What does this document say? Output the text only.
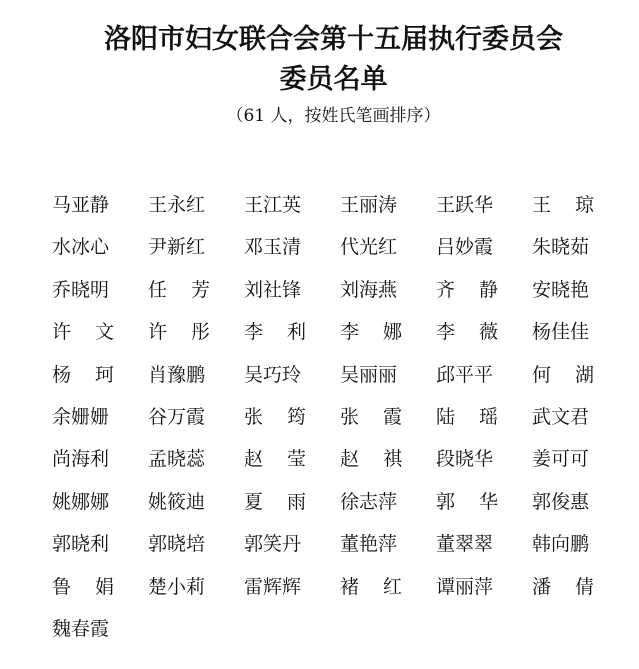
洛阳市妇女联合会第十五届执行委员会
委员名单
（61 人，按姓氏笔画排序）
马亚静 王永红 王江英 王丽涛 王跃华 王 琼
水冰心 尹新红 邓玉清 代光红 吕妙霞 朱晓茹
乔晓明 任 芳 刘社锋 刘海燕 齐 静 安晓艳
许 文 许 彤 李 利 李 娜 李 薇 杨佳佳
杨 珂 肖豫鹏 吴巧玲 吴丽丽 邱平平 何 湖
余姗姗 谷万霞 张 筠 张 霞 陆 瑶 武文君
尚海利 孟晓蕊 赵 莹 赵 祺 段晓华 姜可可
姚娜娜 姚筱迪 夏 雨 徐志萍 郭 华 郭俊惠
郭晓利 郭晓培 郭笑丹 董艳萍 董翠翠 韩向鹏
鲁 娟 楚小莉 雷辉辉 褚 红 谭丽萍 潘 倩
魏春霞
